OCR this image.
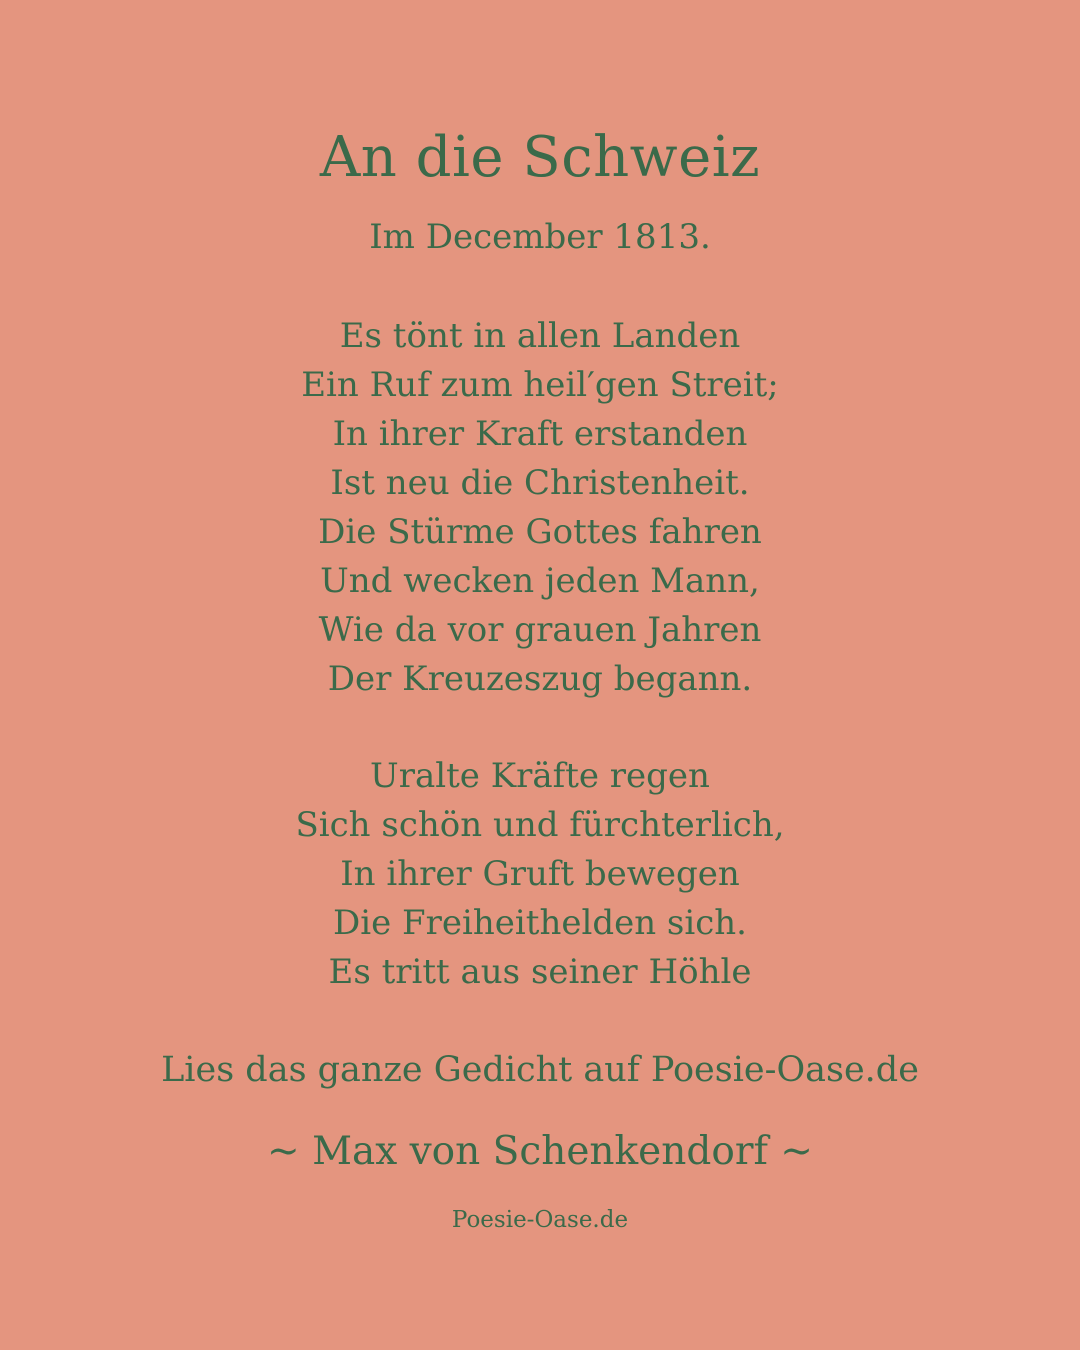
An die Schweiz

Im December 1813.

Es tönt in allen Landen
Ein Ruf zum heil′gen Streit;
In ihrer Kraft erstanden
Ist neu die Christenheit.
Die Stürme Gottes fahren
Und wecken jeden Mann,
Wie da vor grauen Jahren
Der Kreuzeszug begann.
Uralte Kräfte regen
Sich schön und fürchterlich,
In ihrer Gruft bewegen
Die Freiheithelden sich.
Es tritt aus seiner Höhle

Lies das ganze Gedicht auf Poesie-Oase.de

~ Max von Schenkendorf ~

Poesie-Oase.de
